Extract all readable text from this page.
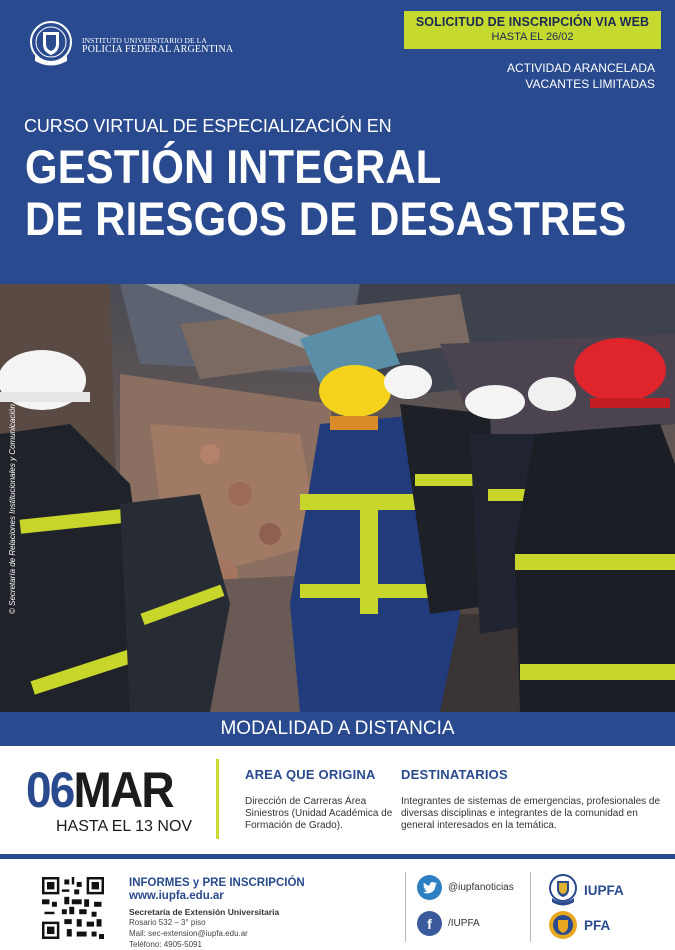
INSTITUTO UNIVERSITARIO DE LA
POLICIA FEDERAL ARGENTINA
SOLICITUD DE INSCRIPCIÓN VIA WEB
HASTA EL 26/02
ACTIVIDAD ARANCELADA
VACANTES LIMITADAS
CURSO VIRTUAL DE ESPECIALIZACIÓN EN
GESTIÓN INTEGRAL
DE RIESGOS DE DESASTRES
© Secretaría de Relaciones Institucionales y Comunicación
MODALIDAD A DISTANCIA
06MAR
HASTA EL 13 NOV
AREA QUE ORIGINA
Dirección de Carreras Área Siniestros (Unidad Académica de Formación de Grado).
DESTINATARIOS
Integrantes de sistemas de emergencias, profesionales de diversas disciplinas e integrantes de la comunidad en general interesados en la temática.
INFORMES y PRE INSCRIPCIÓN
www.iupfa.edu.ar
Secretaría de Extensión Universitaria
Rosario 532 – 3° piso
Mail: sec-extension@iupfa.edu.ar
Teléfono: 4905-5091
@iupfanoticias
f	/IUPFA
IUPFA
PFA
